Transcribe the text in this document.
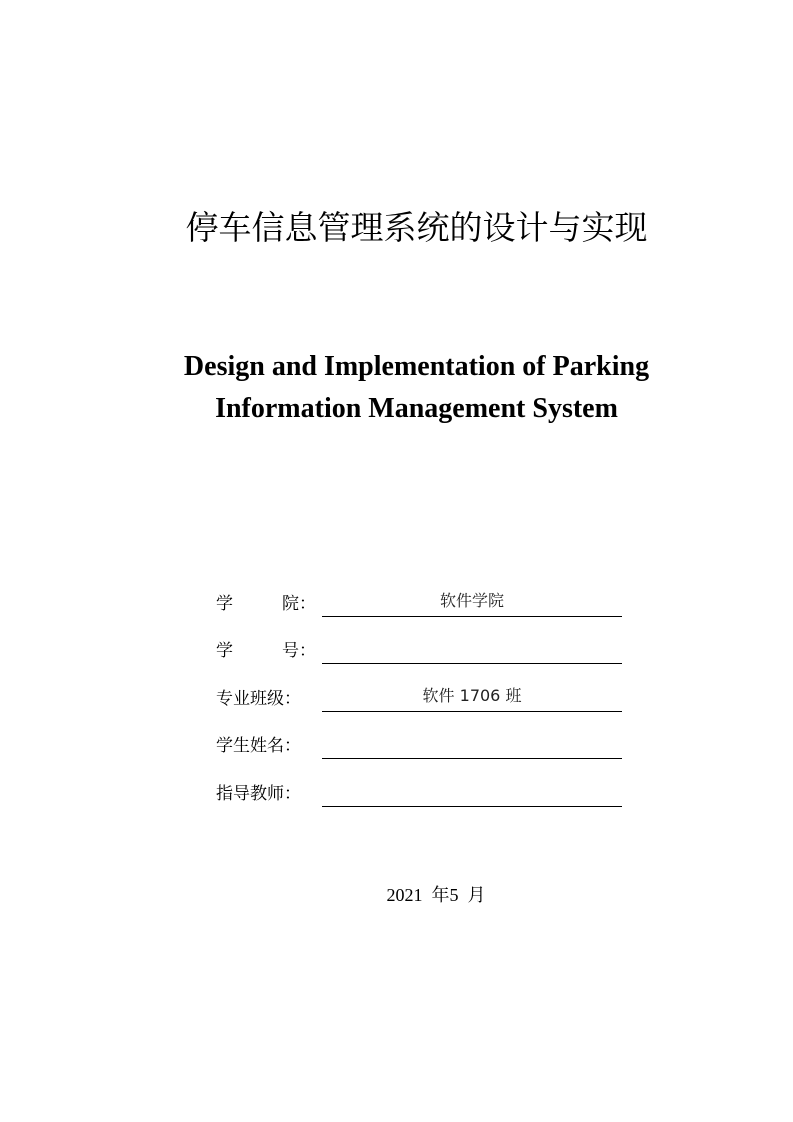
停车信息管理系统的设计与实现
Design and Implementation of Parking
Information Management System
学	院：	软件学院
学	号：
专业班级：	软件 1706 班
学生姓名：
指导教师：
2021  年5  月
